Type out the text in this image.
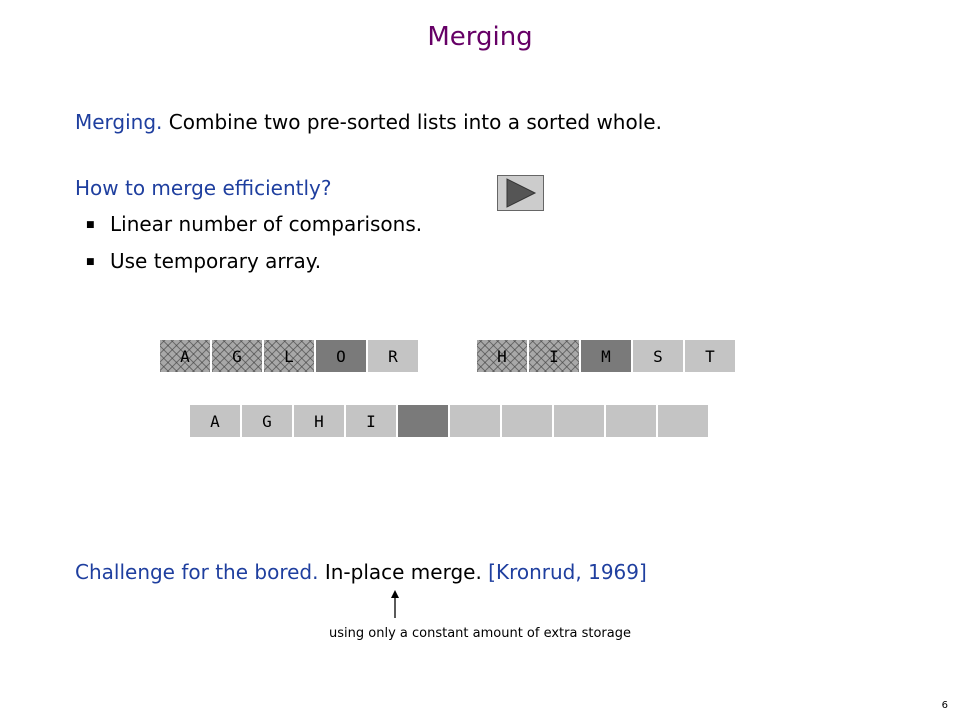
Merging
Merging. Combine two pre-sorted lists into a sorted whole.
How to merge efficiently?
■ Linear number of comparisons.
■ Use temporary array.
A	G	L	O	R	H	I	M	S	T
A	G	H	I
Challenge for the bored. In-place merge. [Kronrud, 1969]
using only a constant amount of extra storage
6
